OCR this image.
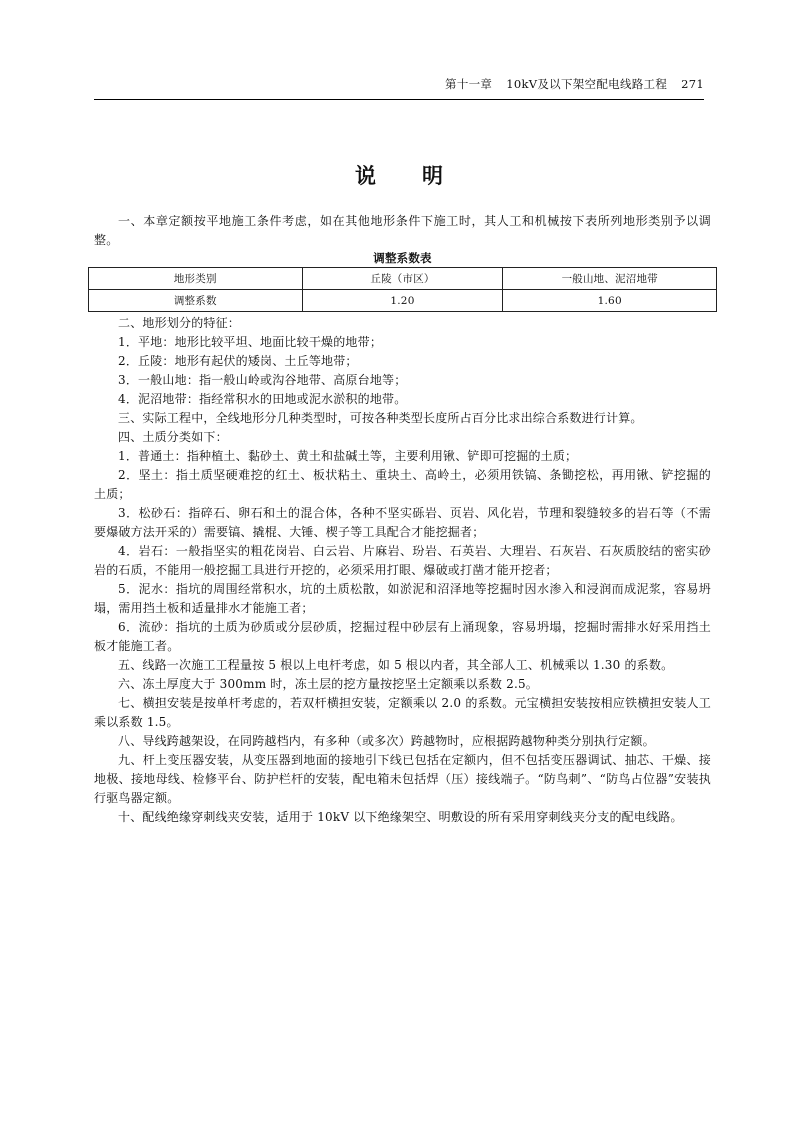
第十一章 10kV及以下架空配电线路工程 271
说 明

一、本章定额按平地施工条件考虑，如在其他地形条件下施工时，其人工和机械按下表所列地形类别予以调整。

调整系数表

地形类别	丘陵（市区）	一般山地、泥沼地带
调整系数	1.20	1.60

二、地形划分的特征：

1．平地：地形比较平坦、地面比较干燥的地带；

2．丘陵：地形有起伏的矮岗、土丘等地带；

3．一般山地：指一般山岭或沟谷地带、高原台地等；

4．泥沼地带：指经常积水的田地或泥水淤积的地带。

三、实际工程中，全线地形分几种类型时，可按各种类型长度所占百分比求出综合系数进行计算。

四、土质分类如下：

1．普通土：指种植土、黏砂土、黄土和盐碱土等，主要利用锹、铲即可挖掘的土质；

2．坚土：指土质坚硬难挖的红土、板状粘土、重块土、高岭土，必须用铁镐、条锄挖松，再用锹、铲挖掘的土质；

3．松砂石：指碎石、卵石和土的混合体，各种不坚实砾岩、页岩、风化岩，节理和裂缝较多的岩石等（不需要爆破方法开采的）需要镐、撬棍、大锤、楔子等工具配合才能挖掘者；

4．岩石：一般指坚实的粗花岗岩、白云岩、片麻岩、玢岩、石英岩、大理岩、石灰岩、石灰质胶结的密实砂岩的石质，不能用一般挖掘工具进行开挖的，必须采用打眼、爆破或打凿才能开挖者；

5．泥水：指坑的周围经常积水，坑的土质松散，如淤泥和沼泽地等挖掘时因水渗入和浸润而成泥浆，容易坍塌，需用挡土板和适量排水才能施工者；

6．流砂：指坑的土质为砂质或分层砂质，挖掘过程中砂层有上涌现象，容易坍塌，挖掘时需排水好采用挡土板才能施工者。

五、线路一次施工工程量按 5 根以上电杆考虑，如 5 根以内者，其全部人工、机械乘以 1.30 的系数。

六、冻土厚度大于 300mm 时，冻土层的挖方量按挖坚土定额乘以系数 2.5。

七、横担安装是按单杆考虑的，若双杆横担安装，定额乘以 2.0 的系数。元宝横担安装按相应铁横担安装人工乘以系数 1.5。

八、导线跨越架设，在同跨越档内，有多种（或多次）跨越物时，应根据跨越物种类分别执行定额。

九、杆上变压器安装，从变压器到地面的接地引下线已包括在定额内，但不包括变压器调试、抽芯、干燥、接地极、接地母线、检修平台、防护栏杆的安装，配电箱未包括焊（压）接线端子。“防鸟刺”、“防鸟占位器”安装执行驱鸟器定额。

十、配线绝缘穿刺线夹安装，适用于 10kV 以下绝缘架空、明敷设的所有采用穿刺线夹分支的配电线路。
